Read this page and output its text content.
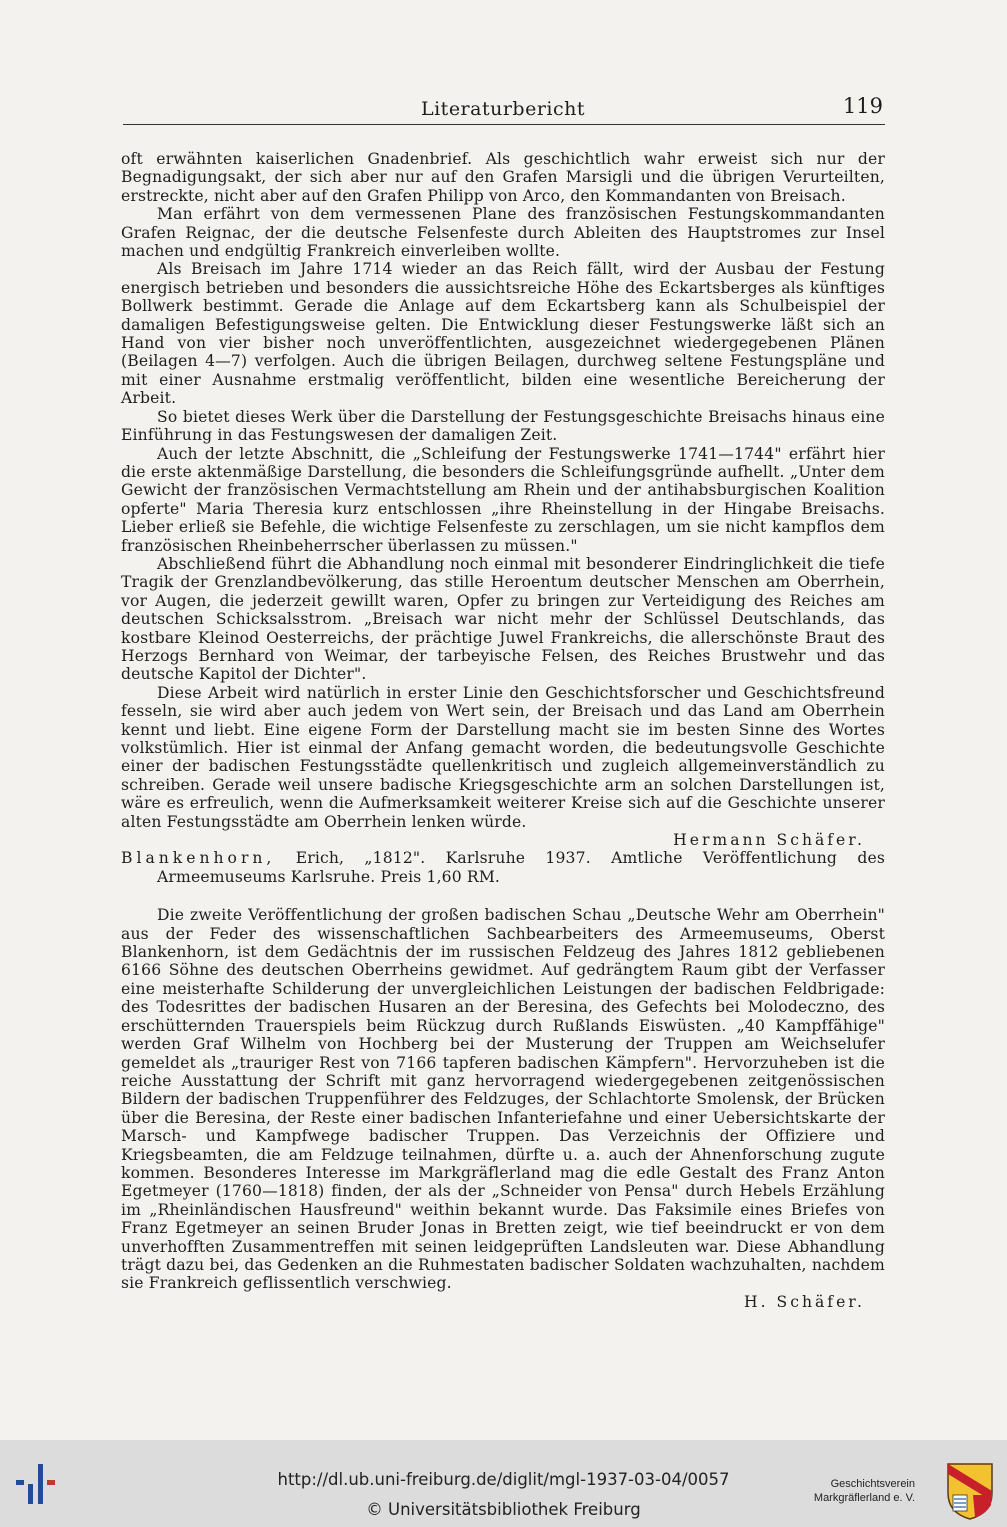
Literaturbericht	119

oft erwähnten kaiserlichen Gnadenbrief. Als geschichtlich wahr erweist sich nur der Begnadigungsakt, der sich aber nur auf den Grafen Marsigli und die übrigen Verurteilten, erstreckte, nicht aber auf den Grafen Philipp von Arco, den Kommandanten von Breisach.

Man erfährt von dem vermessenen Plane des französischen Festungskommandanten Grafen Reignac, der die deutsche Felsenfeste durch Ableiten des Hauptstromes zur Insel machen und endgültig Frankreich einverleiben wollte.

Als Breisach im Jahre 1714 wieder an das Reich fällt, wird der Ausbau der Festung energisch betrieben und besonders die aussichtsreiche Höhe des Eckartsberges als künftiges Bollwerk bestimmt. Gerade die Anlage auf dem Eckartsberg kann als Schulbeispiel der damaligen Befestigungsweise gelten. Die Entwicklung dieser Festungswerke läßt sich an Hand von vier bisher noch unveröffentlichten, ausgezeichnet wiedergegebenen Plänen (Beilagen 4—7) verfolgen. Auch die übrigen Beilagen, durchweg seltene Festungspläne und mit einer Ausnahme erstmalig veröffentlicht, bilden eine wesentliche Bereicherung der Arbeit.

So bietet dieses Werk über die Darstellung der Festungsgeschichte Breisachs hinaus eine Einführung in das Festungswesen der damaligen Zeit.

Auch der letzte Abschnitt, die „Schleifung der Festungswerke 1741—1744" erfährt hier die erste aktenmäßige Darstellung, die besonders die Schleifungsgründe aufhellt. „Unter dem Gewicht der französischen Vermachtstellung am Rhein und der antihabsburgischen Koalition opferte" Maria Theresia kurz entschlossen „ihre Rheinstellung in der Hingabe Breisachs. Lieber erließ sie Befehle, die wichtige Felsenfeste zu zerschlagen, um sie nicht kampflos dem französischen Rheinbeherrscher überlassen zu müssen."

Abschließend führt die Abhandlung noch einmal mit besonderer Eindringlichkeit die tiefe Tragik der Grenzlandbevölkerung, das stille Heroentum deutscher Menschen am Oberrhein, vor Augen, die jederzeit gewillt waren, Opfer zu bringen zur Verteidigung des Reiches am deutschen Schicksalsstrom. „Breisach war nicht mehr der Schlüssel Deutschlands, das kostbare Kleinod Oesterreichs, der prächtige Juwel Frankreichs, die allerschönste Braut des Herzogs Bernhard von Weimar, der tarbeyische Felsen, des Reiches Brustwehr und das deutsche Kapitol der Dichter".

Diese Arbeit wird natürlich in erster Linie den Geschichtsforscher und Geschichtsfreund fesseln, sie wird aber auch jedem von Wert sein, der Breisach und das Land am Oberrhein kennt und liebt. Eine eigene Form der Darstellung macht sie im besten Sinne des Wortes volkstümlich. Hier ist einmal der Anfang gemacht worden, die bedeutungsvolle Geschichte einer der badischen Festungsstädte quellenkritisch und zugleich allgemeinverständlich zu schreiben. Gerade weil unsere badische Kriegsgeschichte arm an solchen Darstellungen ist, wäre es erfreulich, wenn die Aufmerksamkeit weiterer Kreise sich auf die Geschichte unserer alten Festungsstädte am Oberrhein lenken würde.

Hermann Schäfer.

Blankenhorn, Erich, „1812". Karlsruhe 1937. Amtliche Veröffentlichung des Armeemuseums Karlsruhe. Preis 1,60 RM.

Die zweite Veröffentlichung der großen badischen Schau „Deutsche Wehr am Oberrhein" aus der Feder des wissenschaftlichen Sachbearbeiters des Armeemuseums, Oberst Blankenhorn, ist dem Gedächtnis der im russischen Feldzeug des Jahres 1812 gebliebenen 6166 Söhne des deutschen Oberrheins gewidmet. Auf gedrängtem Raum gibt der Verfasser eine meisterhafte Schilderung der unvergleichlichen Leistungen der badischen Feldbrigade: des Todesrittes der badischen Husaren an der Beresina, des Gefechts bei Molodeczno, des erschütternden Trauerspiels beim Rückzug durch Rußlands Eiswüsten. „40 Kampffähige" werden Graf Wilhelm von Hochberg bei der Musterung der Truppen am Weichselufer gemeldet als „trauriger Rest von 7166 tapferen badischen Kämpfern". Hervorzuheben ist die reiche Ausstattung der Schrift mit ganz hervorragend wiedergegebenen zeitgenössischen Bildern der badischen Truppenführer des Feldzuges, der Schlachtorte Smolensk, der Brücken über die Beresina, der Reste einer badischen Infanteriefahne und einer Uebersichtskarte der Marsch- und Kampfwege badischer Truppen. Das Verzeichnis der Offiziere und Kriegsbeamten, die am Feldzuge teilnahmen, dürfte u. a. auch der Ahnenforschung zugute kommen. Besonderes Interesse im Markgräflerland mag die edle Gestalt des Franz Anton Egetmeyer (1760—1818) finden, der als der „Schneider von Pensa" durch Hebels Erzählung im „Rheinländischen Hausfreund" weithin bekannt wurde. Das Faksimile eines Briefes von Franz Egetmeyer an seinen Bruder Jonas in Bretten zeigt, wie tief beeindruckt er von dem unverhofften Zusammentreffen mit seinen leidgeprüften Landsleuten war. Diese Abhandlung trägt dazu bei, das Gedenken an die Ruhmestaten badischer Soldaten wachzuhalten, nachdem sie Frankreich geflissentlich verschwieg.

H. Schäfer.
http://dl.ub.uni-freiburg.de/diglit/mgl-1937-03-04/0057
© Universitätsbibliothek Freiburg
Geschichtsverein
Markgräflerland e. V.
